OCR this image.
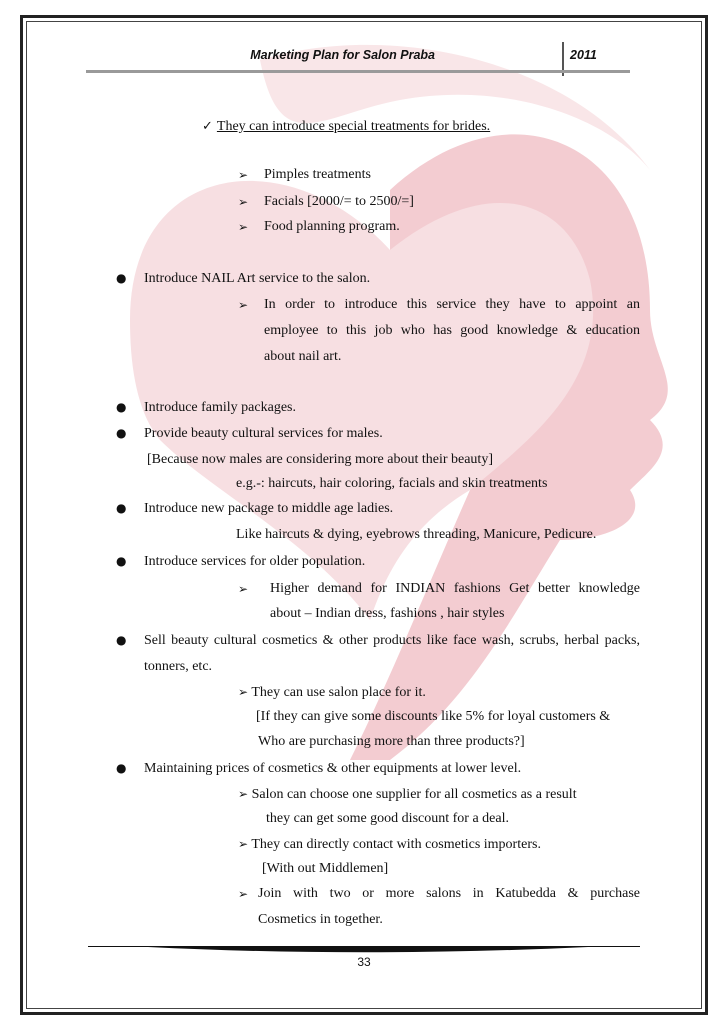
Marketing Plan for Salon Praba	2011
✓ They can introduce special treatments for brides.
➢ Pimples treatments
➢ Facials [2000/= to 2500/=]
➢ Food planning program.
● Introduce NAIL Art service to the salon.
➢ In order to introduce this service they have to appoint an
employee to this job who has good knowledge & education
about nail art.
● Introduce family packages.
● Provide beauty cultural services for males.
[Because now males are considering more about their beauty]
e.g.-: haircuts, hair coloring, facials and skin treatments
● Introduce new package to middle age ladies.
Like haircuts & dying, eyebrows threading, Manicure, Pedicure.
● Introduce services for older population.
➢ Higher demand for INDIAN fashions Get better knowledge
about – Indian dress, fashions , hair styles
● Sell beauty cultural cosmetics & other products like face wash, scrubs, herbal packs,
tonners, etc.
➢ They can use salon place for it.
[If they can give some discounts like 5% for loyal customers &
Who are purchasing more than three products?]
● Maintaining prices of cosmetics & other equipments at lower level.
➢ Salon can choose one supplier for all cosmetics as a result
they can get some good discount for a deal.
➢ They can directly contact with cosmetics importers.
[With out Middlemen]
➢ Join with two or more salons in Katubedda & purchase
Cosmetics in together.
33
